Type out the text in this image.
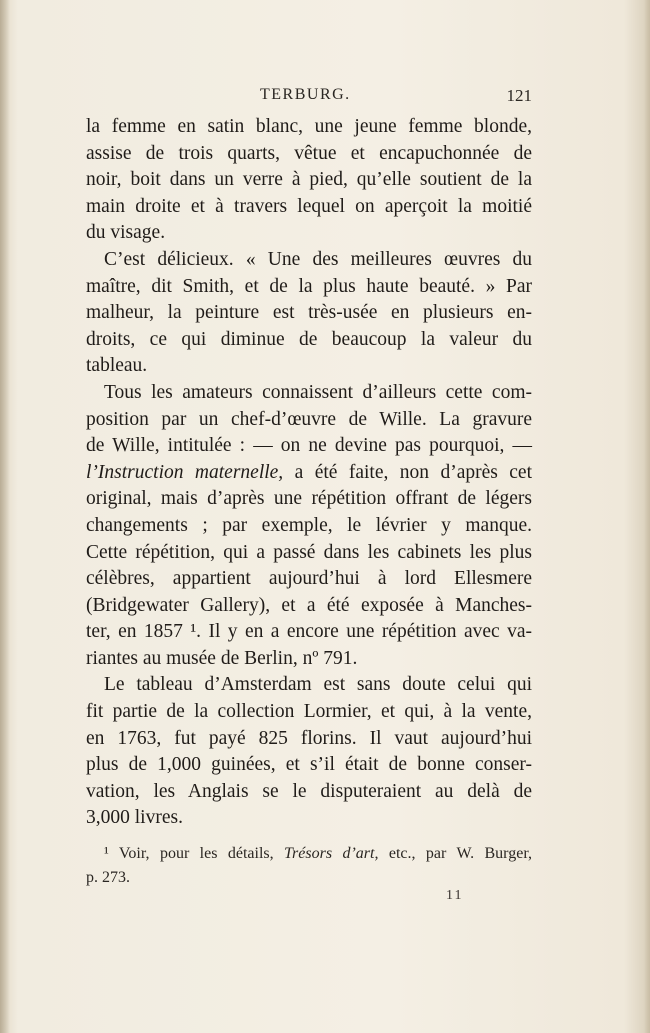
TERBURG.	121
la femme en satin blanc, une jeune femme blonde,
assise de trois quarts, vêtue et encapuchonnée de
noir, boit dans un verre à pied, qu’elle soutient de la
main droite et à travers lequel on aperçoit la moitié
du visage.
C’est délicieux. « Une des meilleures œuvres du
maître, dit Smith, et de la plus haute beauté. » Par
malheur, la peinture est très-usée en plusieurs en-
droits, ce qui diminue de beaucoup la valeur du
tableau.
Tous les amateurs connaissent d’ailleurs cette com-
position par un chef-d’œuvre de Wille. La gravure
de Wille, intitulée : — on ne devine pas pourquoi, —
l’Instruction maternelle, a été faite, non d’après cet
original, mais d’après une répétition offrant de légers
changements ; par exemple, le lévrier y manque.
Cette répétition, qui a passé dans les cabinets les plus
célèbres, appartient aujourd’hui à lord Ellesmere
(Bridgewater Gallery), et a été exposée à Manches-
ter, en 1857 ¹. Il y en a encore une répétition avec va-
riantes au musée de Berlin, nº 791.
Le tableau d’Amsterdam est sans doute celui qui
fit partie de la collection Lormier, et qui, à la vente,
en 1763, fut payé 825 florins. Il vaut aujourd’hui
plus de 1,000 guinées, et s’il était de bonne conser-
vation, les Anglais se le disputeraient au delà de
3,000 livres.
¹ Voir, pour les détails, Trésors d’art, etc., par W. Burger,
p. 273.
11
